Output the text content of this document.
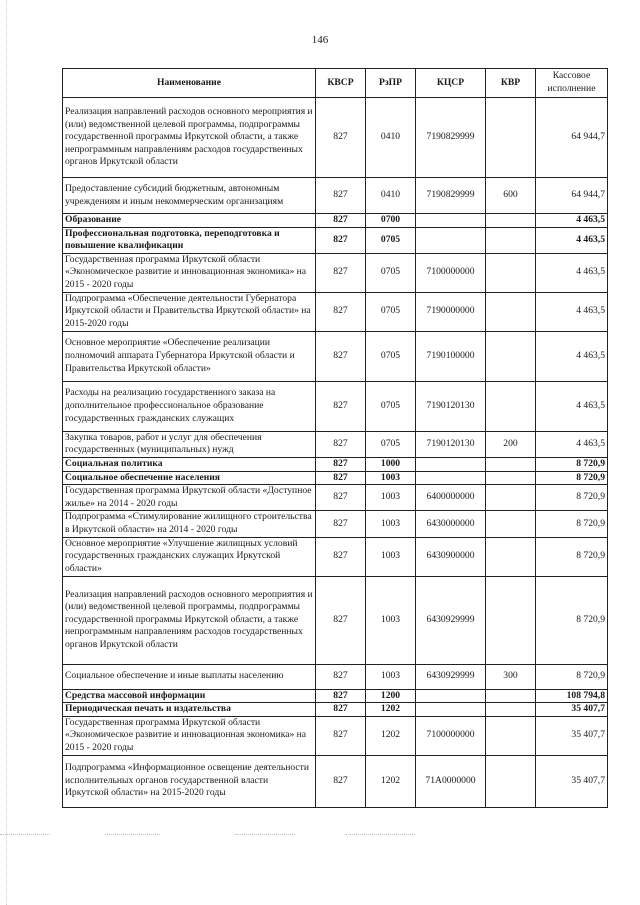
146
Наименование	КВСР	РзПР	КЦСР	КВР	Кассовое исполнение
Реализация направлений расходов основного мероприятия и (или) ведомственной целевой программы, подпрограммы государственной программы Иркутской области, а также непрограммным направлениям расходов государственных органов Иркутской области	827	0410	7190829999		64 944,7
Предоставление субсидий бюджетным, автономным учреждениям и иным некоммерческим организациям	827	0410	7190829999	600	64 944,7
Образование	827	0700			4 463,5
Профессиональная подготовка, переподготовка и повышение квалификации	827	0705			4 463,5
Государственная программа Иркутской области «Экономическое развитие и инновационная экономика» на 2015 - 2020 годы	827	0705	7100000000		4 463,5
Подпрограмма «Обеспечение деятельности Губернатора Иркутской области и Правительства Иркутской области» на 2015-2020 годы	827	0705	7190000000		4 463,5
Основное мероприятие «Обеспечение реализации полномочий аппарата Губернатора Иркутской области и Правительства Иркутской области»	827	0705	7190100000		4 463,5
Расходы на реализацию государственного заказа на дополнительное профессиональное образование государственных гражданских служащих	827	0705	7190120130		4 463,5
Закупка товаров, работ и услуг для обеспечения государственных (муниципальных) нужд	827	0705	7190120130	200	4 463,5
Социальная политика	827	1000			8 720,9
Социальное обеспечение населения	827	1003			8 720,9
Государственная программа Иркутской области «Доступное жилье» на 2014 - 2020 годы	827	1003	6400000000		8 720,9
Подпрограмма «Стимулирование жилищного строительства в Иркутской области» на 2014 - 2020 годы	827	1003	6430000000		8 720,9
Основное мероприятие «Улучшение жилищных условий государственных гражданских служащих Иркутской области»	827	1003	6430900000		8 720,9
Реализация направлений расходов основного мероприятия и (или) ведомственной целевой программы, подпрограммы государственной программы Иркутской области, а также непрограммным направлениям расходов государственных органов Иркутской области	827	1003	6430929999		8 720,9
Социальное обеспечение и иные выплаты населению	827	1003	6430929999	300	8 720,9
Средства массовой информации	827	1200			108 794,8
Периодическая печать и издательства	827	1202			35 407,7
Государственная программа Иркутской области «Экономическое развитие и инновационная экономика» на 2015 - 2020 годы	827	1202	7100000000		35 407,7
Подпрограмма «Информационное освещение деятельности исполнительных органов государственной власти Иркутской области» на 2015-2020 годы	827	1202	71А0000000		35 407,7
